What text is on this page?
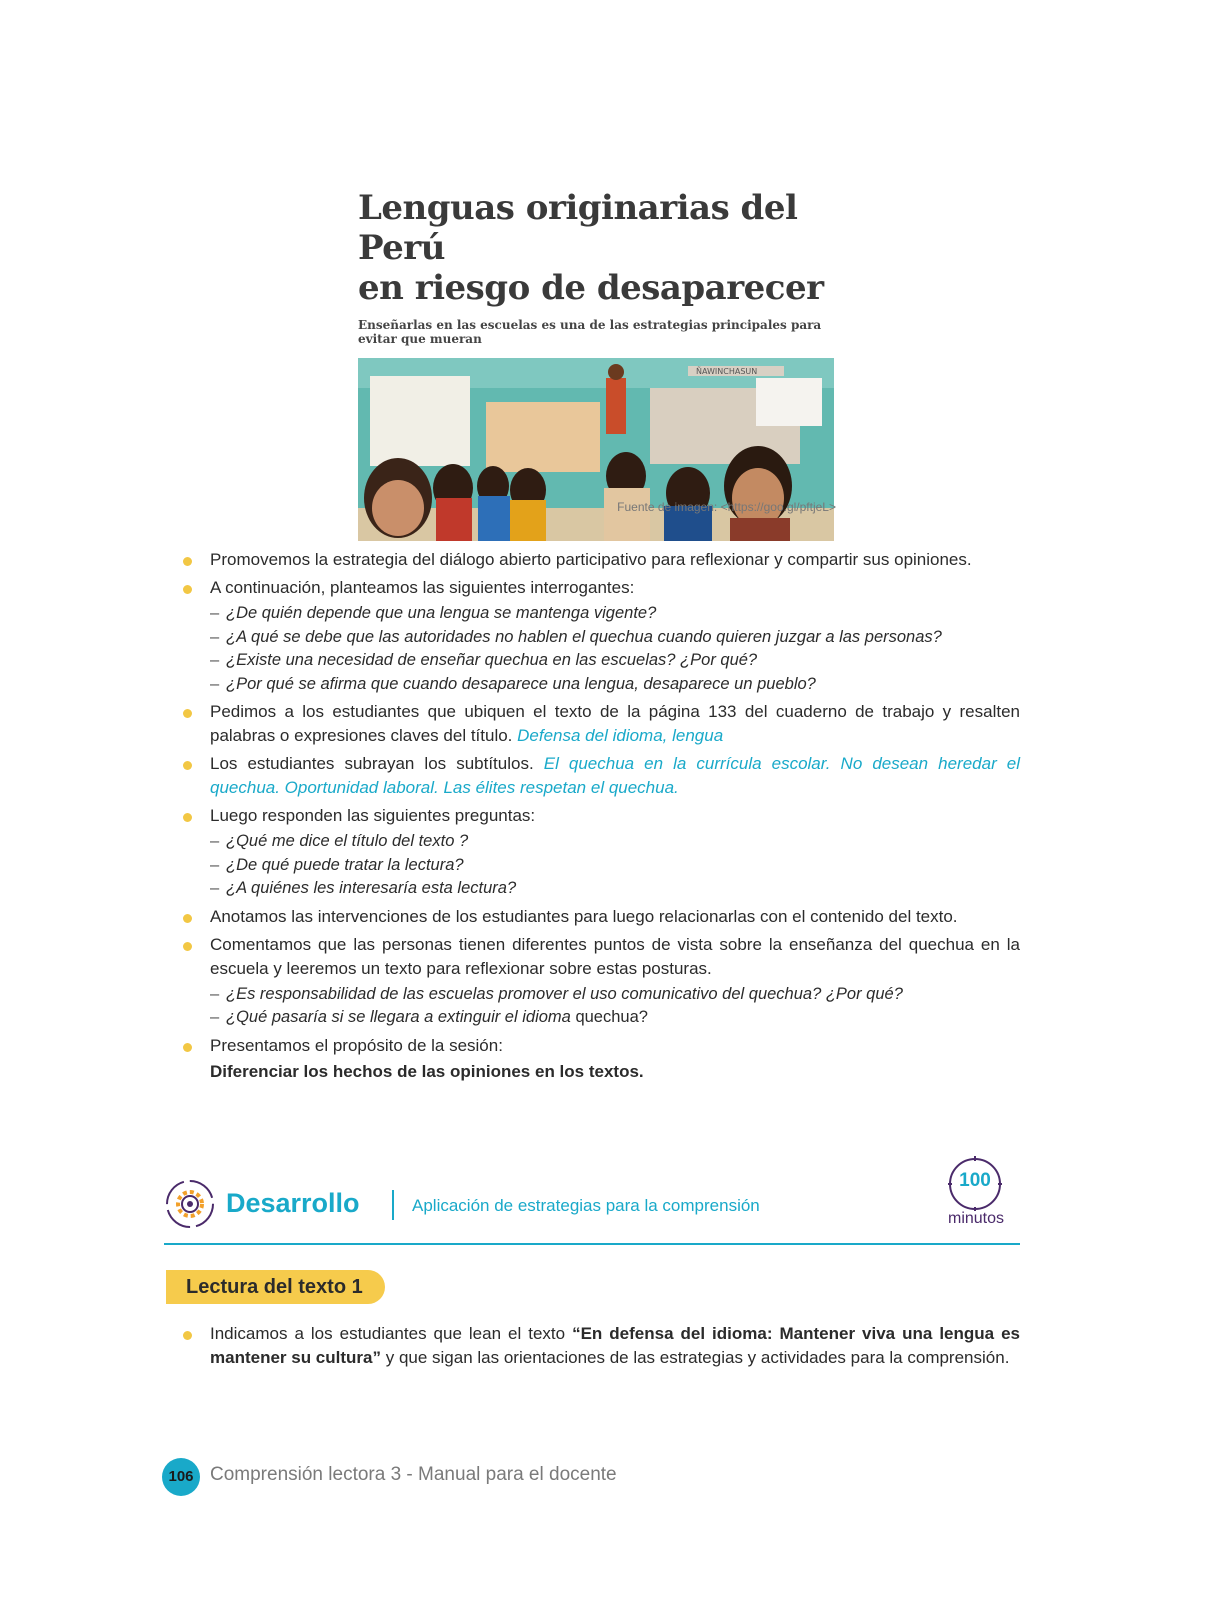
Lenguas originarias del Perú
en riesgo de desaparecer

Enseñarlas en las escuelas es una de las estrategias principales para evitar que mueran
ÑAWINCHASUN
Fuente de imagen: <https://goo.gl/pftjeL>
Promovemos la estrategia del diálogo abierto participativo para reflexionar y compartir sus opiniones.
A continuación, planteamos las siguientes interrogantes:
– ¿De quién depende que una lengua se mantenga vigente?
– ¿A qué se debe que las autoridades no hablen el quechua cuando quieren juzgar a las personas?
– ¿Existe una necesidad de enseñar quechua en las escuelas? ¿Por qué?
– ¿Por qué se afirma que cuando desaparece una lengua, desaparece un pueblo?
Pedimos a los estudiantes que ubiquen el texto de la página 133 del cuaderno de trabajo y resalten palabras o expresiones claves del título. Defensa del idioma, lengua
Los estudiantes subrayan los subtítulos. El quechua en la currícula escolar. No desean heredar el quechua. Oportunidad laboral. Las élites respetan el quechua.
Luego responden las siguientes preguntas:
– ¿Qué me dice el título del texto ?
– ¿De qué puede tratar la lectura?
– ¿A quiénes les interesaría esta lectura?
Anotamos las intervenciones de los estudiantes para luego relacionarlas con el contenido del texto.
Comentamos que las personas tienen diferentes puntos de vista sobre la enseñanza del quechua en la escuela y leeremos un texto para reflexionar sobre estas posturas.
– ¿Es responsabilidad de las escuelas promover el uso comunicativo del quechua? ¿Por qué?
– ¿Qué pasaría si se llegara a extinguir el idioma quechua?
Presentamos el propósito de la sesión:
Diferenciar los hechos de las opiniones en los textos.
Desarrollo	Aplicación de estrategias para la comprensión
100
minutos
Lectura del texto 1
Indicamos a los estudiantes que lean el texto “En defensa del idioma: Mantener viva una lengua es mantener su cultura” y que sigan las orientaciones de las estrategias y actividades para la comprensión.
106 Comprensión lectora 3 - Manual para el docente
